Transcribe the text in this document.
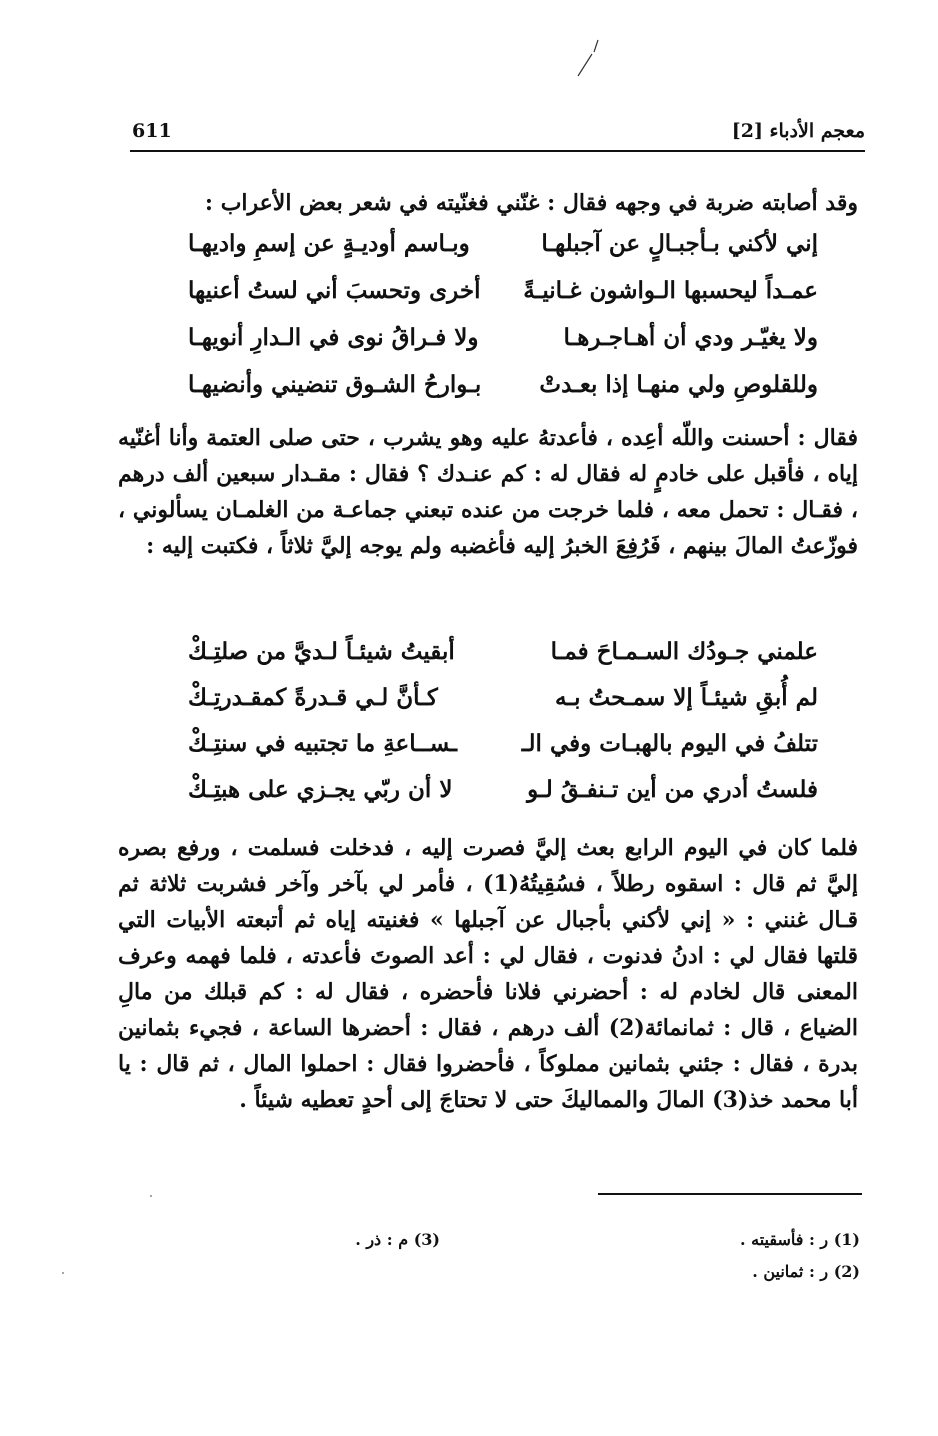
معجم الأدباء [2]
611
وقد أصابته ضربة في وجهه فقال : غنّني فغنّيته في شعر بعض الأعراب :
إني لأكني بـأجبـالٍ عن آجبلهـا
وبـاسم أوديـةٍ عن إسمِ واديهـا
عمـداً ليحسبها الـواشون غـانيـةً
أخرى وتحسبَ أني لستُ أعنيها
ولا يغيّـر ودي أن أهـاجـرهـا
ولا فـراقُ نوى في الـدارِ أنويهـا
وللقلوصِ ولي منهـا إذا بعـدتْ
بـوارحُ الشـوق تنضيني وأنضيهـا
فقال : أحسنت واللّه أعِده ، فأعدتهُ عليه وهو يشرب ، حتى صلى العتمة وأنا أغنّيه إياه ، فأقبل على خادمٍ له فقال له : كم عنـدك ؟ فقال : مقـدار سبعين ألف درهم ، فقـال : تحمل معه ، فلما خرجت من عنده تبعني جماعـة من الغلمـان يسألوني ، فوزّعتُ المالَ بينهم ، فَرُفِعَ الخبرُ إليه فأغضبه ولم يوجه إليَّ ثلاثاً ، فكتبت إليه :
علمني جـودُك السـمـاحَ فمـا
أبقيتُ شيئـاً لـديَّ من صلتِـكْ
لم أُبقِ شيئـاً إلا سمـحتُ بـه
كـأنَّ لـي قـدرةً كمقـدرتِـكْ
تتلفُ في اليوم بالهبـات وفي الـ
ـســاعةِ ما تجتبيه في سنتِـكْ
فلستُ أدري من أين تـنفـقُ لـو
لا أن ربّي يجـزي على هبتِـكْ
فلما كان في اليوم الرابع بعث إليَّ فصرت إليه ، فدخلت فسلمت ، ورفع بصره إليَّ ثم قال : اسقوه رطلاً ، فسُقِيتُهُ(1) ، فأمر لي بآخر وآخر فشربت ثلاثة ثم قـال غنني : « إني لأكني بأجبال عن آجبلها » فغنيته إياه ثم أتبعته الأبيات التي قلتها فقال لي : ادنُ فدنوت ، فقال لي : أعد الصوتَ فأعدته ، فلما فهمه وعرف المعنى قال لخادم له : أحضرني فلانا فأحضره ، فقال له : كم قبلك من مالِ الضياع ، قال : ثمانمائة(2) ألف درهم ، فقال : أحضرها الساعة ، فجيء بثمانين بدرة ، فقال : جئني بثمانين مملوكاً ، فأحضروا فقال : احملوا المال ، ثم قال : يا أبا محمد خذ(3) المالَ والمماليكَ حتى لا تحتاجَ إلى أحدٍ تعطيه شيئاً .
(1) ر : فأسقيته .
(2) ر : ثمانين .
(3) م : ذر .
